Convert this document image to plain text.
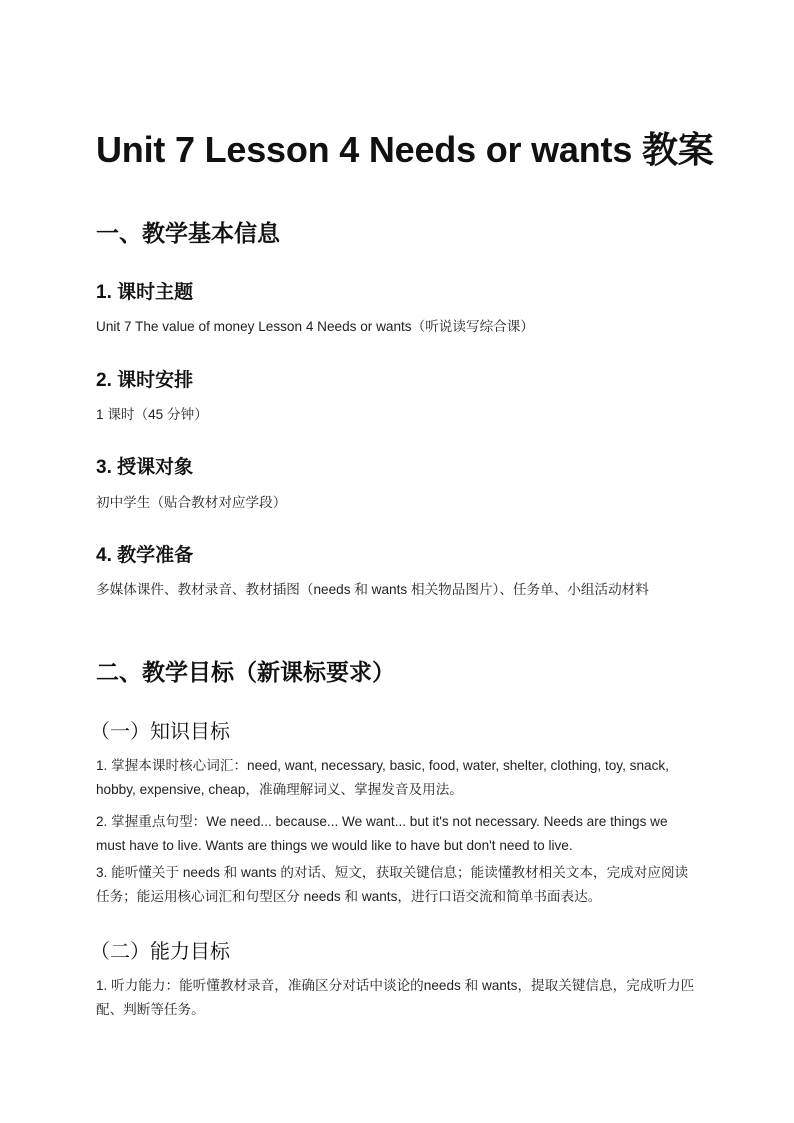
Unit 7 Lesson 4 Needs or wants 教案
一、教学基本信息
1. 课时主题

Unit 7 The value of money Lesson 4 Needs or wants（听说读写综合课）

2. 课时安排

1 课时（45 分钟）

3. 授课对象

初中学生（贴合教材对应学段）

4. 教学准备

多媒体课件、教材录音、教材插图（needs 和 wants 相关物品图片）、任务单、小组活动材料

二、教学目标（新课标要求）
（一）知识目标

1. 掌握本课时核心词汇：need, want, necessary, basic, food, water, shelter, clothing, toy, snack, hobby, expensive, cheap，准确理解词义、掌握发音及用法。

2. 掌握重点句型：We need... because... We want... but it's not necessary. Needs are things we must have to live. Wants are things we would like to have but don't need to live.

3. 能听懂关于 needs 和 wants 的对话、短文，获取关键信息；能读懂教材相关文本，完成对应阅读任务；能运用核心词汇和句型区分 needs 和 wants，进行口语交流和简单书面表达。

（二）能力目标

1. 听力能力：能听懂教材录音，准确区分对话中谈论的needs 和 wants，提取关键信息，完成听力匹配、判断等任务。
